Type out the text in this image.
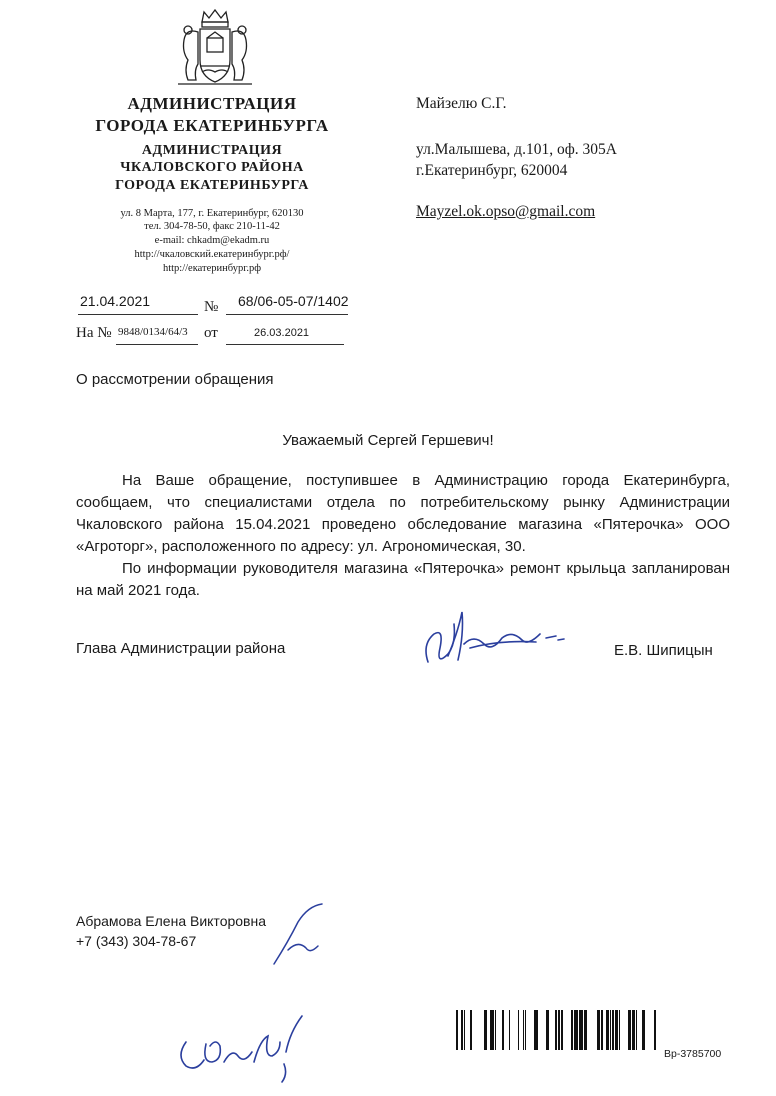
АДМИНИСТРАЦИЯ
ГОРОДА ЕКАТЕРИНБУРГА
АДМИНИСТРАЦИЯ
ЧКАЛОВСКОГО РАЙОНА
ГОРОДА ЕКАТЕРИНБУРГА
ул. 8 Марта, 177, г. Екатеринбург, 620130
тел. 304-78-50, факс 210-11-42
e-mail: chkadm@ekadm.ru
http://чкаловский.екатеринбург.рф/
http://екатеринбург.рф
21.04.2021	№ 68/06-05-07/1402
На № 9848/0134/64/3 от	26.03.2021
Майзелю С.Г.
ул.Малышева, д.101, оф. 305А
г.Екатеринбург, 620004
Mayzel.ok.opso@gmail.com
О рассмотрении обращения
Уважаемый Сергей Гершевич!
На Ваше обращение, поступившее в Администрацию города Екатеринбурга, сообщаем, что специалистами отдела по потребительскому рынку Администрации Чкаловского района 15.04.2021 проведено обследование магазина «Пятерочка» ООО «Агроторг», расположенного по адресу: ул. Агрономическая, 30.
По информации руководителя магазина «Пятерочка» ремонт крыльца запланирован на май 2021 года.
Глава Администрации района	Е.В. Шипицын
Абрамова Елена Викторовна
+7 (343) 304-78-67
Вр-3785700
